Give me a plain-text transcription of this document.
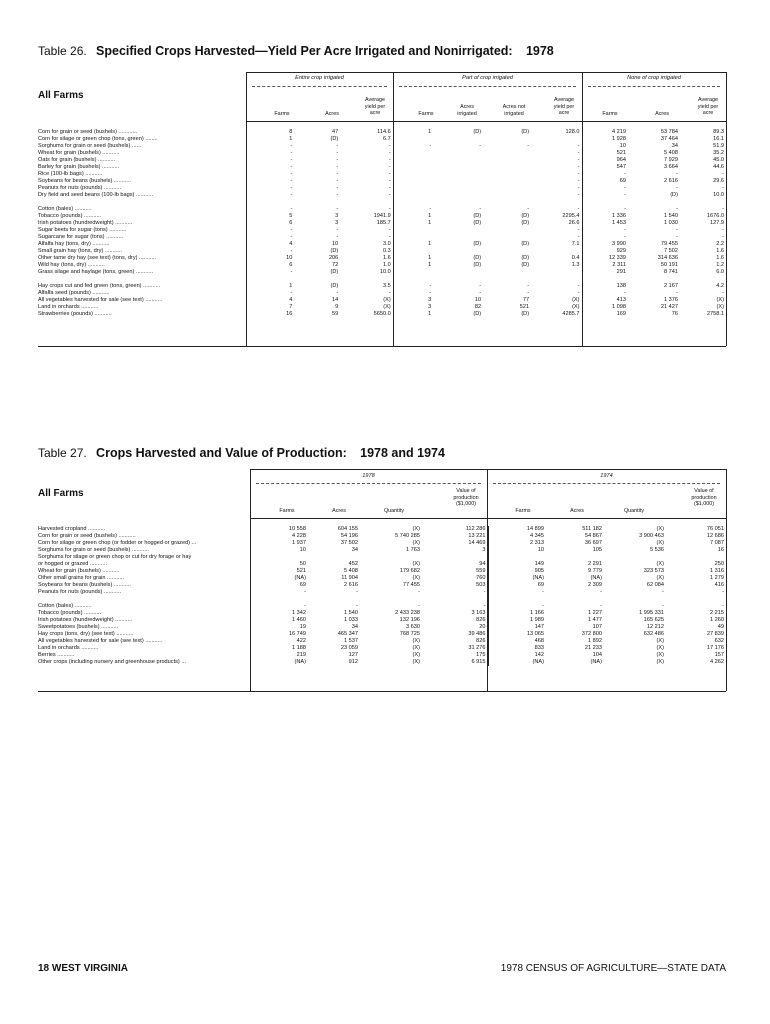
Table 26. Specified Crops Harvested—Yield Per Acre Irrigated and Nonirrigated: 1978
All Farms
Entire crop irrigated	Part of crop irrigated	None of crop irrigated
Farms	Acres
Average yield per acre	Farms
Acres irrigated
Acres not irrigated
Average yield per acre	Farms	Acres
Average yield per acre
Corn for grain or seed (bushels) ............	8	47	114.6	1	(D)	(D)	128.0	4 219	53 784	89.3
Corn for silage or green chop (tons, green) ........	1	(D)	6.7					1 928	37 464	16.1
Sorghums for grain or seed (bushels) ......	-	-	-	-	-	-	-	10	34	51.9
Wheat for grain (bushels) ...........	-	-	-				-	521	5 408	35.2
Oats for grain (bushels) ...........	-	-	-				-	964	7 929	45.0
Barley for grain (bushels) ...........	-	-	-				-	547	3 664	44.6
Rice (100-lb bags) ...........	-	-	-				-	-	-	-
Soybeans for beans (bushels) ...........	-	-	-				-	69	2 616	29.6
Peanuts for nuts (pounds) ...........	-	-	-				-	-	-	-
Dry field and seed beans (100-lb bags) ...........	-	-	-				-	-	(D)	10.0

Cotton (bales) ...........	-	-	-	-	-	-	-	-	-	-
Tobacco (pounds) ...........	5	3	1941.9	1	(D)	(D)	2295.4	1 336	1 540	1676.0
Irish potatoes (hundredweight) ...........	6	3	185.7	1	(D)	(D)	26.6	1 453	1 030	127.9
Sugar beets for sugar (tons) ...........	-	-	-				-	-	-	-
Sugarcane for sugar (tons) ...........	-	-	-				-	-	-	-
Alfalfa hay (tons, dry) ...........	4	10	3.0	1	(D)	(D)	7.1	3 990	79 455	2.2
Small grain hay (tons, dry) ...........	-	(D)	0.3					929	7 502	1.6
Other tame dry hay (see text) (tons, dry) ...........	10	206	1.6	1	(D)	(D)	0.4	12 339	314 636	1.6
Wild hay (tons, dry) ...........	6	72	1.0	1	(D)	(D)	1.3	2 311	50 191	1.2
Grass silage and haylage (tons, green) ...........	-	(D)	10.0					291	8 741	6.0

Hay crops cut and fed green (tons, green) ...........	1	(D)	3.5	-	-	-	-	138	2 167	4.2
Alfalfa seed (pounds) ...........	-	-	-	-	-	-	-	-	-	-
All vegetables harvested for sale (see text) ...........	4	14	(X)	3	10	77	(X)	413	1 376	(X)
Land in orchards ...........	7	9	(X)	3	82	521	(X)	1 098	21 427	(X)
Strawberries (pounds) ...........	16	59	5650.0	1	(D)	(D)	4285.7	169	76	2758.1
Table 27. Crops Harvested and Value of Production: 1978 and 1974
All Farms
1978	1974
Farms	Acres	Quantity
Value of production ($1,000)
Farms	Acres	Quantity
Value of production ($1,000)
Harvested cropland ...........	10 558	604 155	(X)	112 286	14 899	511 182	(X)	76 051
Corn for grain or seed (bushels) ...........	4 228	54 196	5 740 285	13 221	4 345	54 867	3 900 463	12 686
Corn for silage or green chop (or fodder or hogged or grazed) ...	1 937	37 502	(X)	14 469	2 313	36 697	(X)	7 087
Sorghums for grain or seed (bushels) ...........	10	34	1 763	3	10	105	5 536	16
Sorghums for silage or green chop or cut for dry forage or hay								
or hogged or grazed ...........	50	452	(X)	94	149	2 291	(X)	250
Wheat for grain (bushels) ...........	521	5 408	179 682	559	905	9 779	323 573	1 316
Other small grains for grain ...........	(NA)	11 904	(X)	760	(NA)	(NA)	(X)	1 279
Soybeans for beans (bushels) ...........	69	2 616	77 455	503	69	2 309	62 084	416
Peanuts for nuts (pounds) ...........	-	-	-	-	-	-	-	-

Cotton (bales) ...........	-	-	-	-	-	-	-	-
Tobacco (pounds) ...........	1 342	1 540	2 433 238	3 163	1 166	1 227	1 995 331	2 215
Irish potatoes (hundredweight) ...........	1 460	1 033	132 196	826	1 989	1 477	165 625	1 260
Sweetpotatoes (bushels) ...........	19	34	3 630	20	147	107	12 212	49
Hay crops (tons, dry) (see text) ...........	16 749	465 347	768 725	39 486	13 065	372 800	632 486	27 839
All vegetables harvested for sale (see text) ...........	422	1 537	(X)	826	468	1 892	(X)	632
Land in orchards ...........	1 188	23 059	(X)	31 276	833	21 233	(X)	17 176
Berries ...........	219	127	(X)	175	142	104	(X)	157
Other crops (including nursery and greenhouse products) ...	(NA)	912	(X)	6 915	(NA)	(NA)	(X)	4 262
18 WEST VIRGINIA	1978 CENSUS OF AGRICULTURE—STATE DATA
